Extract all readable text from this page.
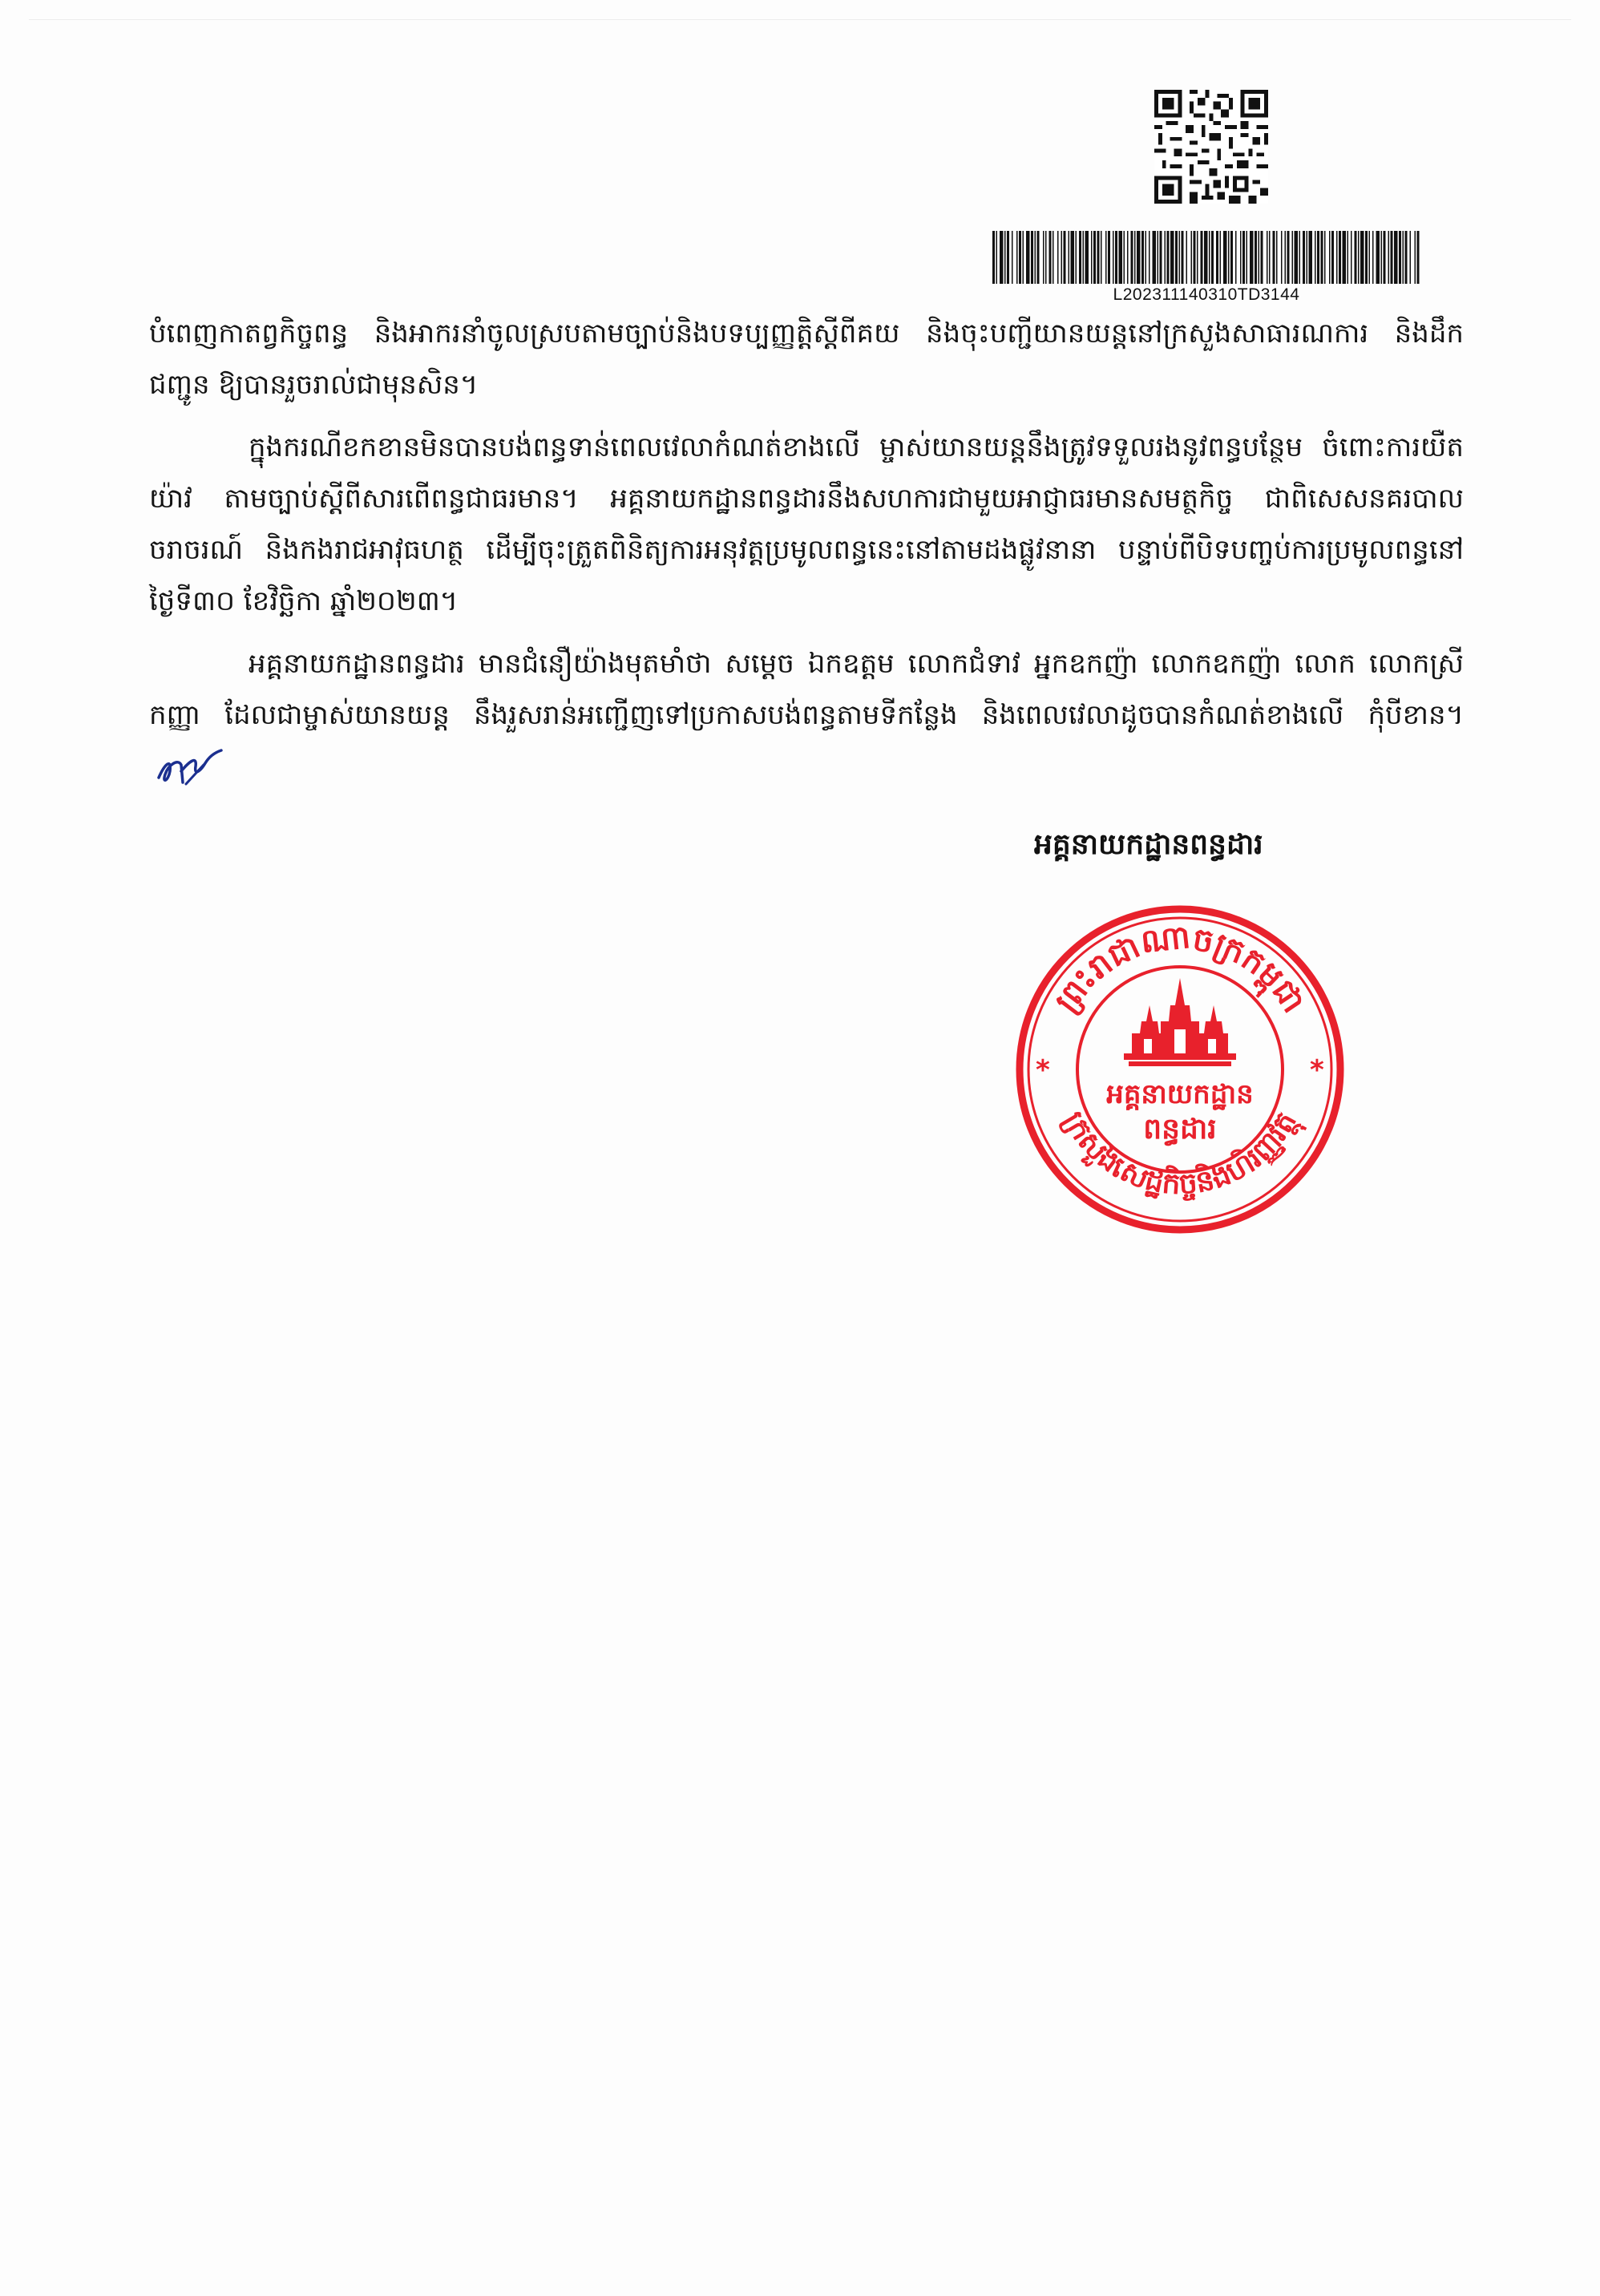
L202311140310TD3144

បំពេញកាតព្វកិច្ចពន្ធ និងអាករនាំចូលស្របតាមច្បាប់និងបទប្បញ្ញត្តិស្តីពីគយ និងចុះបញ្ជីយានយន្តនៅក្រសួងសាធារណការ និងដឹកជញ្ជូន ឱ្យបានរួចរាល់ជាមុនសិន។

ក្នុងករណីខកខានមិនបានបង់ពន្ធទាន់ពេលវេលាកំណត់ខាងលើ ម្ចាស់យានយន្តនឹងត្រូវទទួលរងនូវពន្ធបន្ថែម ចំពោះការយឺតយ៉ាវ តាមច្បាប់ស្តីពីសារពើពន្ធជាធរមាន។ អគ្គនាយកដ្ឋានពន្ធដារនឹងសហការជាមួយអាជ្ញាធរមានសមត្ថកិច្ច ជាពិសេសនគរបាលចរាចរណ៍ និងកងរាជអាវុធហត្ថ ដើម្បីចុះត្រួតពិនិត្យការអនុវត្តប្រមូលពន្ធនេះនៅតាមដងផ្លូវនានា បន្ទាប់ពីបិទបញ្ចប់ការប្រមូលពន្ធនៅថ្ងៃទី៣០ ខែវិច្ឆិកា ឆ្នាំ២០២៣។

អគ្គនាយកដ្ឋានពន្ធដារ មានជំនឿយ៉ាងមុតមាំថា សម្តេច ឯកឧត្តម លោកជំទាវ អ្នកឧកញ៉ា លោកឧកញ៉ា លោក លោកស្រី កញ្ញា ដែលជាម្ចាស់យានយន្ត នឹងរួសរាន់អញ្ជើញទៅប្រកាសបង់ពន្ធតាមទីកន្លែង និងពេលវេលាដូចបានកំណត់ខាងលើ កុំបីខាន។

អគ្គនាយកដ្ឋានពន្ធដារ
ព្រះរាជាណាចក្រកម្ពុជា
ក្រសួងសេដ្ឋកិច្ចនិងហិរញ្ញវត្ថុ
*	*
អគ្គនាយកដ្ឋាន
ពន្ធដារ
